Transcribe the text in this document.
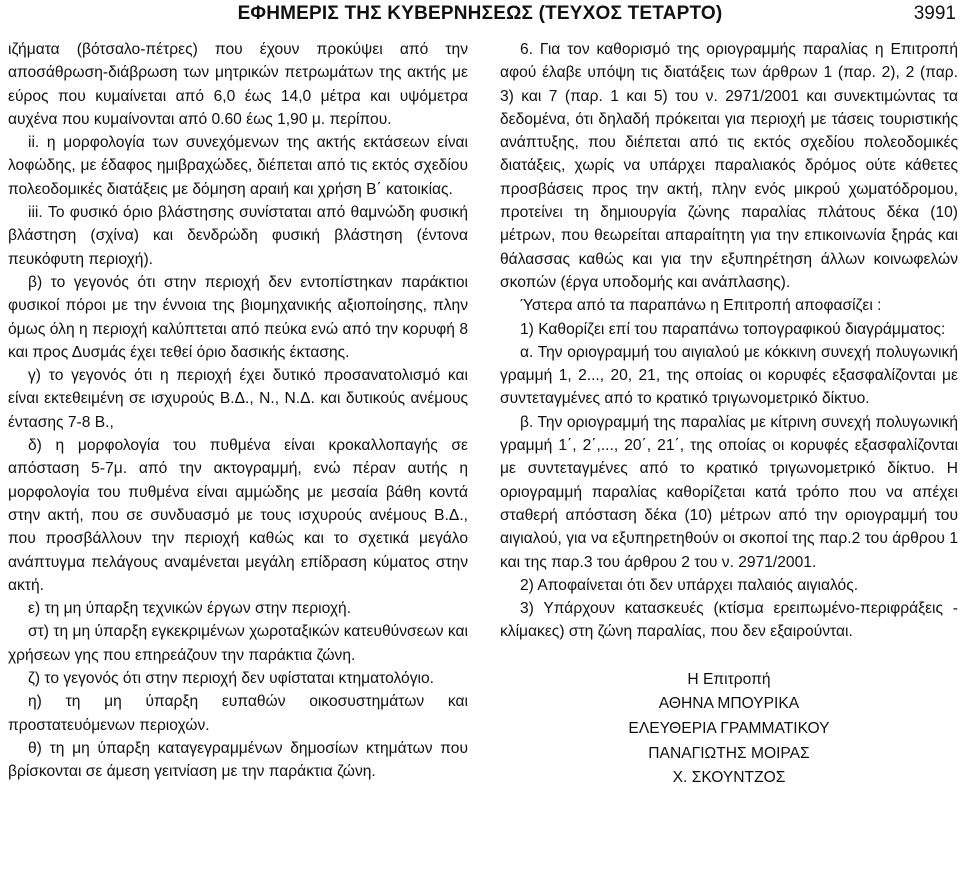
ΕΦΗΜΕΡΙΣ ΤΗΣ ΚΥΒΕΡΝΗΣΕΩΣ (ΤΕΥΧΟΣ ΤΕΤΑΡΤΟ)	3991

ιζήματα (βότσαλο-πέτρες) που έχουν προκύψει από την αποσάθρωση-διάβρωση των μητρικών πετρωμάτων της ακτής με εύρος που κυμαίνεται από 6,0 έως 14,0 μέτρα και υψόμετρα αυχένα που κυμαίνονται από 0.60 έως 1,90 μ. περίπου.

ii. η μορφολογία των συνεχόμενων της ακτής εκτάσεων είναι λοφώδης, με έδαφος ημιβραχώδες, διέπεται από τις εκτός σχεδίου πολεοδομικές διατάξεις με δόμηση αραιή και χρήση Β΄ κατοικίας.

iii. Το φυσικό όριο βλάστησης συνίσταται από θαμνώδη φυσική βλάστηση (σχίνα) και δενδρώδη φυσική βλάστηση (έντονα πευκόφυτη περιοχή).

β) το γεγονός ότι στην περιοχή δεν εντοπίστηκαν παράκτιοι φυσικοί πόροι με την έννοια της βιομηχανικής αξιοποίησης, πλην όμως όλη η περιοχή καλύπτεται από πεύκα ενώ από την κορυφή 8 και προς Δυσμάς έχει τεθεί όριο δασικής έκτασης.

γ) το γεγονός ότι η περιοχή έχει δυτικό προσανατολισμό και είναι εκτεθειμένη σε ισχυρούς Β.Δ., Ν., Ν.Δ. και δυτικούς ανέμους έντασης 7-8 Β.,

δ) η μορφολογία του πυθμένα είναι κροκαλλοπαγής σε απόσταση 5-7μ. από την ακτογραμμή, ενώ πέραν αυτής η μορφολογία του πυθμένα είναι αμμώδης με μεσαία βάθη κοντά στην ακτή, που σε συνδυασμό με τους ισχυρούς ανέμους Β.Δ., που προσβάλλουν την περιοχή καθώς και το σχετικά μεγάλο ανάπτυγμα πελάγους αναμένεται μεγάλη επίδραση κύματος στην ακτή.

ε) τη μη ύπαρξη τεχνικών έργων στην περιοχή.

στ) τη μη ύπαρξη εγκεκριμένων χωροταξικών κατευθύνσεων και χρήσεων γης που επηρεάζουν την παράκτια ζώνη.

ζ) το γεγονός ότι στην περιοχή δεν υφίσταται κτηματολόγιο.

η) τη μη ύπαρξη ευπαθών οικοσυστημάτων και προστατευόμενων περιοχών.

θ) τη μη ύπαρξη καταγεγραμμένων δημοσίων κτημάτων που βρίσκονται σε άμεση γειτνίαση με την παράκτια ζώνη.

6. Για τον καθορισμό της οριογραμμής παραλίας η Επιτροπή αφού έλαβε υπόψη τις διατάξεις των άρθρων 1 (παρ. 2), 2 (παρ. 3) και 7 (παρ. 1 και 5) του ν. 2971/2001 και συνεκτιμώντας τα δεδομένα, ότι δηλαδή πρόκειται για περιοχή με τάσεις τουριστικής ανάπτυξης, που διέπεται από τις εκτός σχεδίου πολεοδομικές διατάξεις, χωρίς να υπάρχει παραλιακός δρόμος ούτε κάθετες προσβάσεις προς την ακτή, πλην ενός μικρού χωματόδρομου, προτείνει τη δημιουργία ζώνης παραλίας πλάτους δέκα (10) μέτρων, που θεωρείται απαραίτητη για την επικοινωνία ξηράς και θάλασσας καθώς και για την εξυπηρέτηση άλλων κοινωφελών σκοπών (έργα υποδομής και ανάπλασης).

Ύστερα από τα παραπάνω η Επιτροπή αποφασίζει :

1) Καθορίζει επί του παραπάνω τοπογραφικού διαγράμματος:

α. Την οριογραμμή του αιγιαλού με κόκκινη συνεχή πολυγωνική γραμμή 1, 2..., 20, 21, της οποίας οι κορυφές εξασφαλίζονται με συντεταγμένες από το κρατικό τριγωνομετρικό δίκτυο.

β. Την οριογραμμή της παραλίας με κίτρινη συνεχή πολυγωνική γραμμή 1΄, 2΄,..., 20΄, 21΄, της οποίας οι κορυφές εξασφαλίζονται με συντεταγμένες από το κρατικό τριγωνομετρικό δίκτυο. Η οριογραμμή παραλίας καθορίζεται κατά τρόπο που να απέχει σταθερή απόσταση δέκα (10) μέτρων από την οριογραμμή του αιγιαλού, για να εξυπηρετηθούν οι σκοποί της παρ.2 του άρθρου 1 και της παρ.3 του άρθρου 2 του ν. 2971/2001.

2) Αποφαίνεται ότι δεν υπάρχει παλαιός αιγιαλός.

3) Υπάρχουν κατασκευές (κτίσμα ερειπωμένο-περιφράξεις - κλίμακες) στη ζώνη παραλίας, που δεν εξαιρούνται.

Η Επιτροπή
ΑΘΗΝΑ ΜΠΟΥΡΙΚΑ
ΕΛΕΥΘΕΡΙΑ ΓΡΑΜΜΑΤΙΚΟΥ
ΠΑΝΑΓΙΩΤΗΣ ΜΟΙΡΑΣ
Χ. ΣΚΟΥΝΤΖΟΣ
